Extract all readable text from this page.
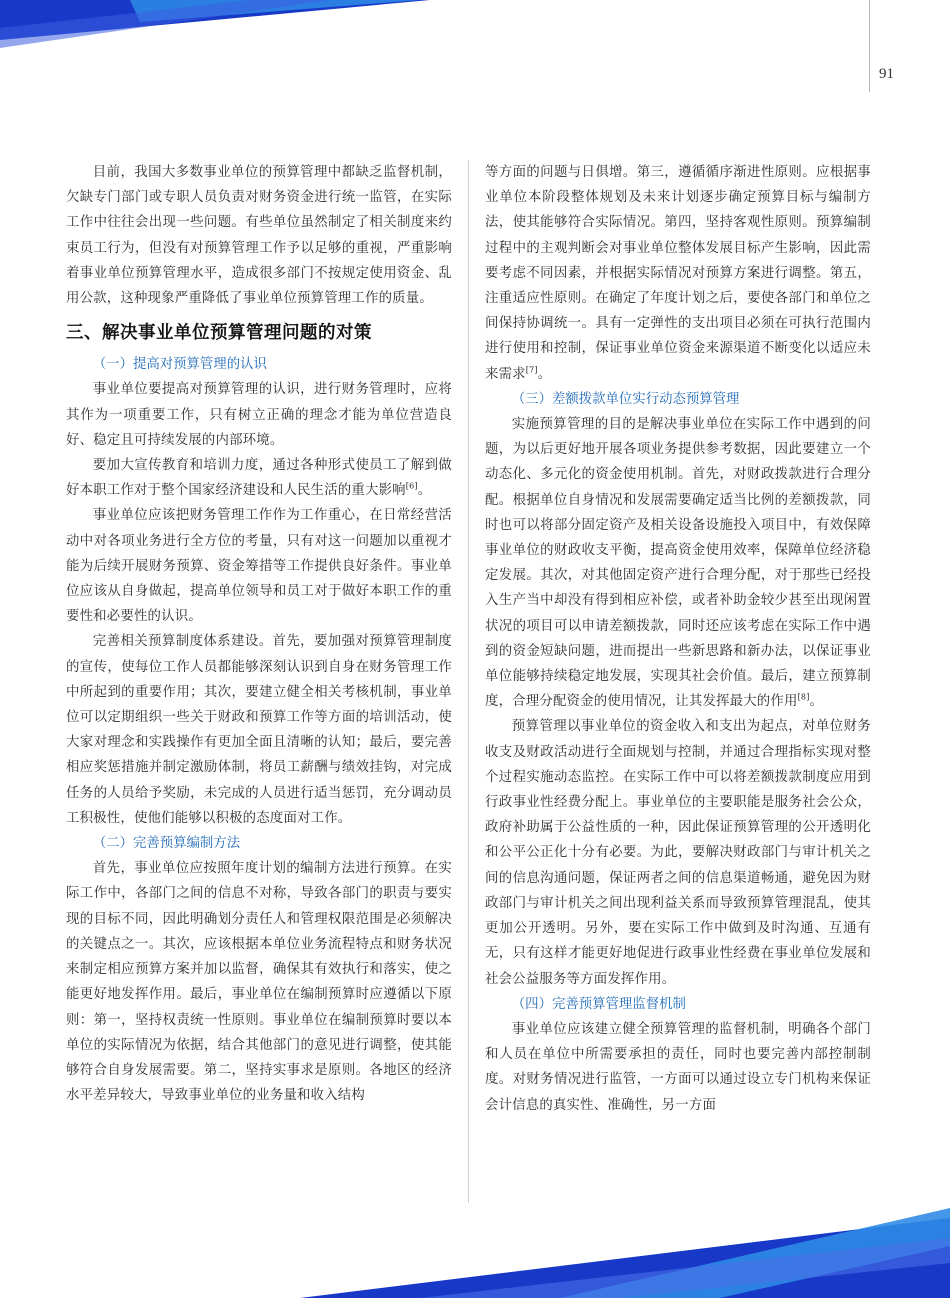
91

目前，我国大多数事业单位的预算管理中都缺乏监督机制，欠缺专门部门或专职人员负责对财务资金进行统一监管，在实际工作中往往会出现一些问题。有些单位虽然制定了相关制度来约束员工行为，但没有对预算管理工作予以足够的重视，严重影响着事业单位预算管理水平，造成很多部门不按规定使用资金、乱用公款，这种现象严重降低了事业单位预算管理工作的质量。

三、解决事业单位预算管理问题的对策
（一）提高对预算管理的认识

事业单位要提高对预算管理的认识，进行财务管理时，应将其作为一项重要工作，只有树立正确的理念才能为单位营造良好、稳定且可持续发展的内部环境。

要加大宣传教育和培训力度，通过各种形式使员工了解到做好本职工作对于整个国家经济建设和人民生活的重大影响[6]。

事业单位应该把财务管理工作作为工作重心，在日常经营活动中对各项业务进行全方位的考量，只有对这一问题加以重视才能为后续开展财务预算、资金筹措等工作提供良好条件。事业单位应该从自身做起，提高单位领导和员工对于做好本职工作的重要性和必要性的认识。

完善相关预算制度体系建设。首先，要加强对预算管理制度的宣传，使每位工作人员都能够深刻认识到自身在财务管理工作中所起到的重要作用；其次，要建立健全相关考核机制，事业单位可以定期组织一些关于财政和预算工作等方面的培训活动，使大家对理念和实践操作有更加全面且清晰的认知；最后，要完善相应奖惩措施并制定激励体制，将员工薪酬与绩效挂钩，对完成任务的人员给予奖励，未完成的人员进行适当惩罚，充分调动员工积极性，使他们能够以积极的态度面对工作。

（二）完善预算编制方法

首先，事业单位应按照年度计划的编制方法进行预算。在实际工作中，各部门之间的信息不对称，导致各部门的职责与要实现的目标不同，因此明确划分责任人和管理权限范围是必须解决的关键点之一。其次，应该根据本单位业务流程特点和财务状况来制定相应预算方案并加以监督，确保其有效执行和落实，使之能更好地发挥作用。最后，事业单位在编制预算时应遵循以下原则：第一，坚持权责统一性原则。事业单位在编制预算时要以本单位的实际情况为依据，结合其他部门的意见进行调整，使其能够符合自身发展需要。第二，坚持实事求是原则。各地区的经济水平差异较大，导致事业单位的业务量和收入结构

等方面的问题与日俱增。第三，遵循循序渐进性原则。应根据事业单位本阶段整体规划及未来计划逐步确定预算目标与编制方法，使其能够符合实际情况。第四，坚持客观性原则。预算编制过程中的主观判断会对事业单位整体发展目标产生影响，因此需要考虑不同因素，并根据实际情况对预算方案进行调整。第五，注重适应性原则。在确定了年度计划之后，要使各部门和单位之间保持协调统一。具有一定弹性的支出项目必须在可执行范围内进行使用和控制，保证事业单位资金来源渠道不断变化以适应未来需求[7]。

（三）差额拨款单位实行动态预算管理

实施预算管理的目的是解决事业单位在实际工作中遇到的问题，为以后更好地开展各项业务提供参考数据，因此要建立一个动态化、多元化的资金使用机制。首先，对财政拨款进行合理分配。根据单位自身情况和发展需要确定适当比例的差额拨款，同时也可以将部分固定资产及相关设备设施投入项目中，有效保障事业单位的财政收支平衡，提高资金使用效率，保障单位经济稳定发展。其次，对其他固定资产进行合理分配，对于那些已经投入生产当中却没有得到相应补偿，或者补助金较少甚至出现闲置状况的项目可以申请差额拨款，同时还应该考虑在实际工作中遇到的资金短缺问题，进而提出一些新思路和新办法，以保证事业单位能够持续稳定地发展，实现其社会价值。最后，建立预算制度，合理分配资金的使用情况，让其发挥最大的作用[8]。

预算管理以事业单位的资金收入和支出为起点，对单位财务收支及财政活动进行全面规划与控制，并通过合理指标实现对整个过程实施动态监控。在实际工作中可以将差额拨款制度应用到行政事业性经费分配上。事业单位的主要职能是服务社会公众，政府补助属于公益性质的一种，因此保证预算管理的公开透明化和公平公正化十分有必要。为此，要解决财政部门与审计机关之间的信息沟通问题，保证两者之间的信息渠道畅通，避免因为财政部门与审计机关之间出现利益关系而导致预算管理混乱，使其更加公开透明。另外，要在实际工作中做到及时沟通、互通有无，只有这样才能更好地促进行政事业性经费在事业单位发展和社会公益服务等方面发挥作用。

（四）完善预算管理监督机制

事业单位应该建立健全预算管理的监督机制，明确各个部门和人员在单位中所需要承担的责任，同时也要完善内部控制制度。对财务情况进行监管，一方面可以通过设立专门机构来保证会计信息的真实性、准确性，另一方面
